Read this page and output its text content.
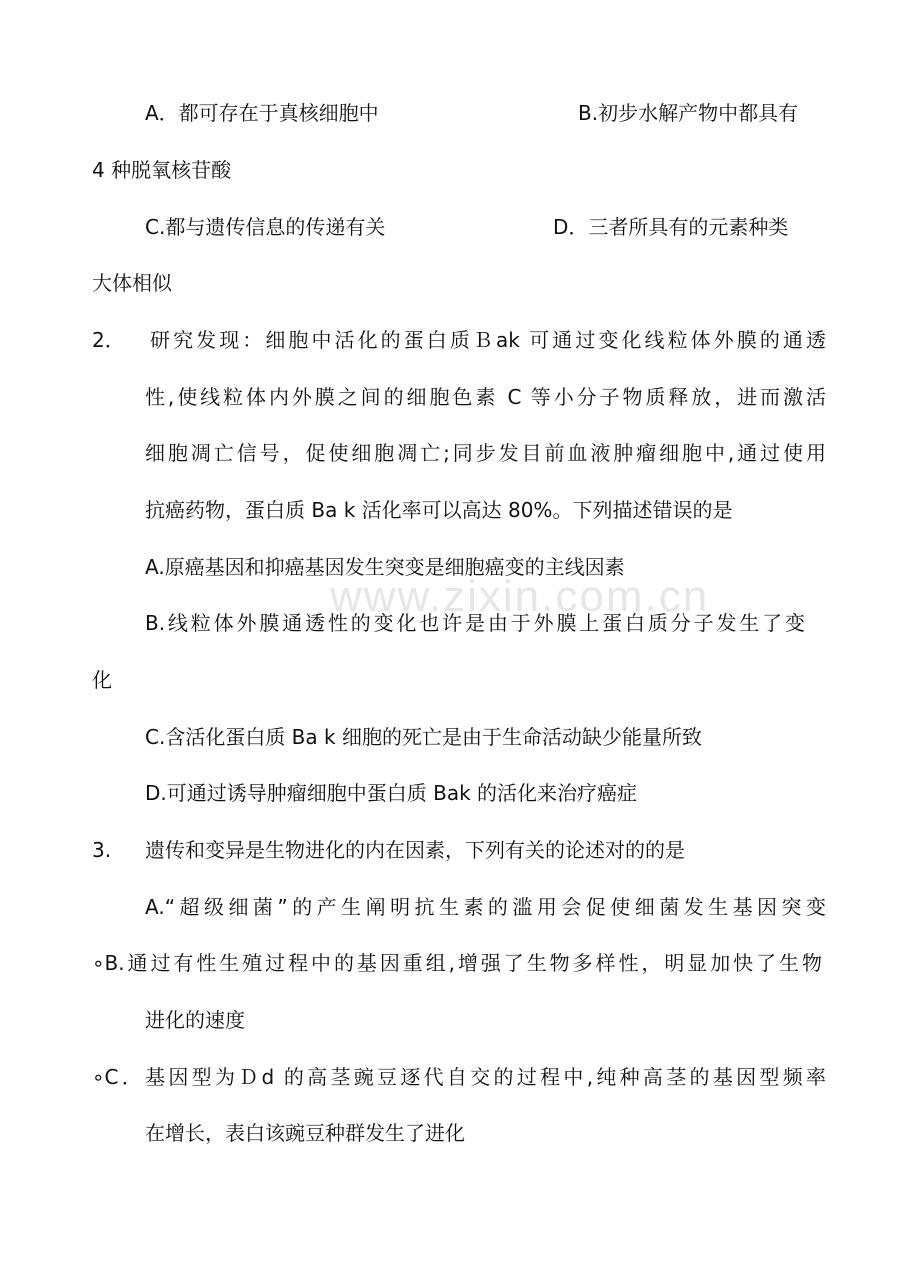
www.zixin.com.cn
A．都可存在于真核细胞中	B.初步水解产物中都具有
4 种脱氧核苷酸
C.都与遗传信息的传递有关	D．三者所具有的元素种类
大体相似
2． 研究发现：细胞中活化的蛋白质Ｂak 可通过变化线粒体外膜的通透
性,使线粒体内外膜之间的细胞色素 C 等小分子物质释放，进而激活
细胞凋亡信号，促使细胞凋亡;同步发目前血液肿瘤细胞中,通过使用
抗癌药物，蛋白质 Ba k 活化率可以高达 80%。下列描述错误的是
A.原癌基因和抑癌基因发生突变是细胞癌变的主线因素
B.线粒体外膜通透性的变化也许是由于外膜上蛋白质分子发生了变
化
C.含活化蛋白质 Ba k 细胞的死亡是由于生命活动缺少能量所致
D.可通过诱导肿瘤细胞中蛋白质 Bak 的活化来治疗癌症
3. 遗传和变异是生物进化的内在因素，下列有关的论述对的的是
A.“超级细菌”的产生阐明抗生素的滥用会促使细菌发生基因突变
∘B.通过有性生殖过程中的基因重组,增强了生物多样性，明显加快了生物
进化的速度
∘C．基因型为Ｄd 的高茎豌豆逐代自交的过程中,纯种高茎的基因型频率
在增长，表白该豌豆种群发生了进化
